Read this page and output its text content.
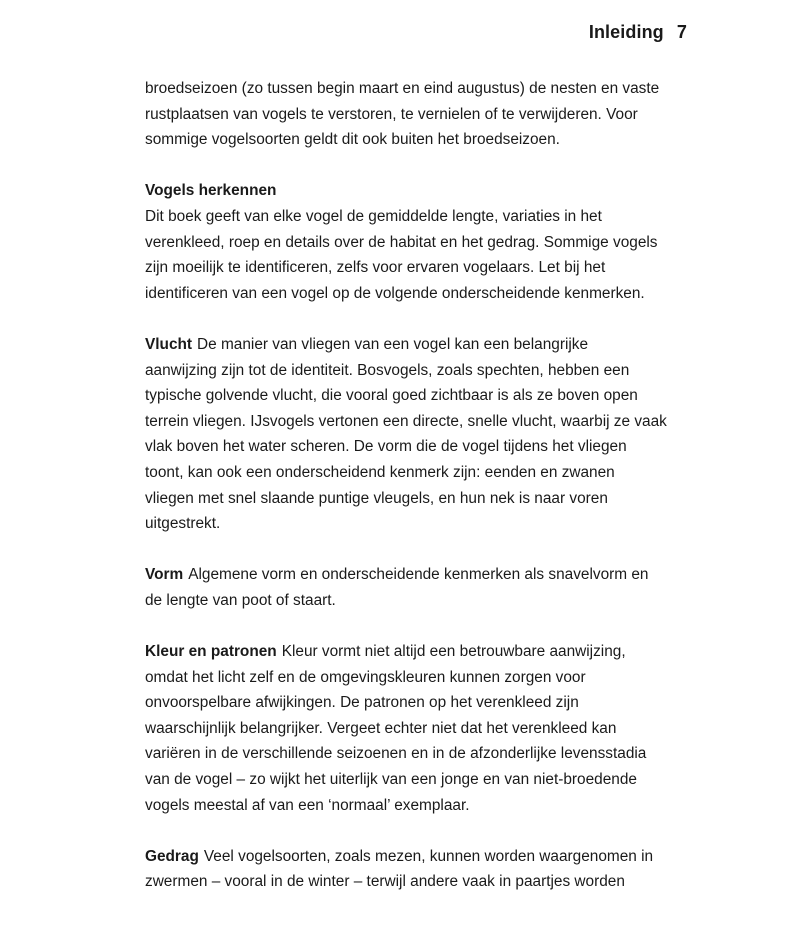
Inleiding 7
broedseizoen (zo tussen begin maart en eind augustus) de nesten en vaste
rustplaatsen van vogels te verstoren, te vernielen of te verwijderen. Voor
sommige vogelsoorten geldt dit ook buiten het broedseizoen.
Vogels herkennen
Dit boek geeft van elke vogel de gemiddelde lengte, variaties in het
verenkleed, roep en details over de habitat en het gedrag. Sommige vogels
zijn moeilijk te identificeren, zelfs voor ervaren vogelaars. Let bij het
identificeren van een vogel op de volgende onderscheidende kenmerken.
Vlucht De manier van vliegen van een vogel kan een belangrijke
aanwijzing zijn tot de identiteit. Bosvogels, zoals spechten, hebben een
typische golvende vlucht, die vooral goed zichtbaar is als ze boven open
terrein vliegen. IJsvogels vertonen een directe, snelle vlucht, waarbij ze vaak
vlak boven het water scheren. De vorm die de vogel tijdens het vliegen
toont, kan ook een onderscheidend kenmerk zijn: eenden en zwanen
vliegen met snel slaande puntige vleugels, en hun nek is naar voren
uitgestrekt.
Vorm Algemene vorm en onderscheidende kenmerken als snavelvorm en
de lengte van poot of staart.
Kleur en patronen Kleur vormt niet altijd een betrouwbare aanwijzing,
omdat het licht zelf en de omgevingskleuren kunnen zorgen voor
onvoorspelbare afwijkingen. De patronen op het verenkleed zijn
waarschijnlijk belangrijker. Vergeet echter niet dat het verenkleed kan
variëren in de verschillende seizoenen en in de afzonderlijke levensstadia
van de vogel – zo wijkt het uiterlijk van een jonge en van niet-broedende
vogels meestal af van een ‘normaal’ exemplaar.
Gedrag Veel vogelsoorten, zoals mezen, kunnen worden waargenomen in
zwermen – vooral in de winter – terwijl andere vaak in paartjes worden
